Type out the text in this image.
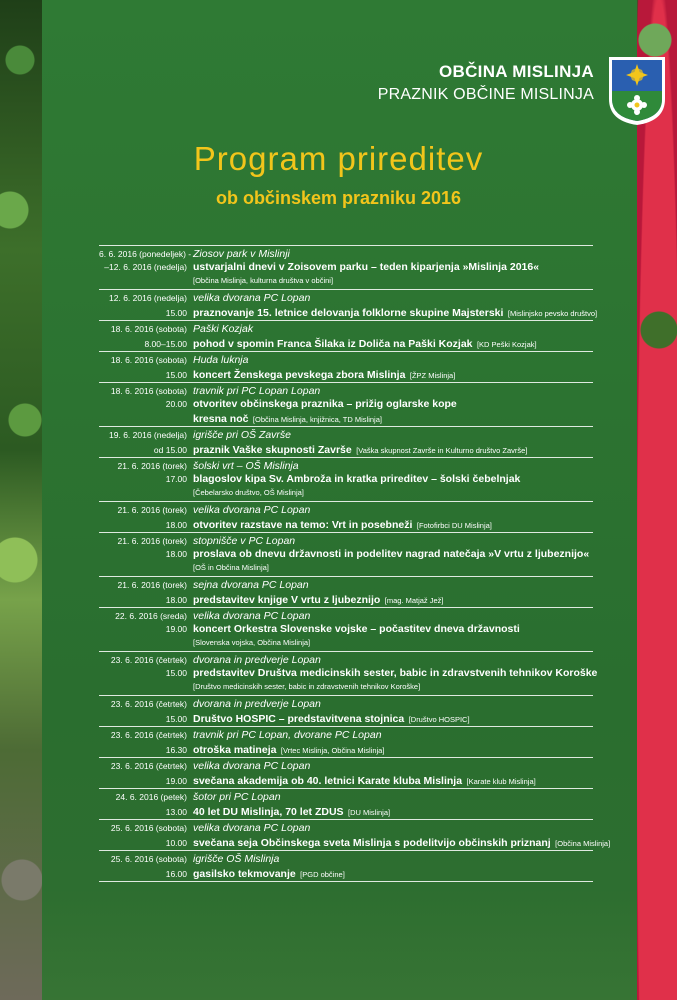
OBČINA MISLINJA
PRAZNIK OBČINE MISLINJA
Program prireditev
ob občinskem prazniku 2016
6. 6. 2016 (ponedeljek) - Ziosov park v Mislinji
–12. 6. 2016 (nedelja) ustvarjalni dnevi v Zoisovem parku – teden kiparjenja »Mislinja 2016«
[Občina Mislinja, kulturna društva v občini]
12. 6. 2016 (nedelja) velika dvorana PC Lopan
15.00 praznovanje 15. letnice delovanja folklorne skupine Majsterski [Mislinjsko pevsko društvo]
18. 6. 2016 (sobota) Paški Kozjak
8.00–15.00 pohod v spomin Franca Šilaka iz Doliča na Paški Kozjak [KD Peški Kozjak]
18. 6. 2016 (sobota) Huda luknja
15.00 koncert Ženskega pevskega zbora Mislinja [ŽPZ Mislinja]
18. 6. 2016 (sobota) travnik pri PC Lopan Lopan
20.00 otvoritev občinskega praznika – prižig oglarske kope
kresna noč [Občina Mislinja, knjižnica, TD Mislinja]
19. 6. 2016 (nedelja) igrišče pri OŠ Završe
od 15.00 praznik Vaške skupnosti Završe [Vaška skupnost Završe in Kulturno društvo Završe]
21. 6. 2016 (torek) šolski vrt – OŠ Mislinja
17.00 blagoslov kipa Sv. Ambroža in kratka prireditev – šolski čebelnjak
[Čebelarsko društvo, OŠ Mislinja]
21. 6. 2016 (torek) velika dvorana PC Lopan
18.00 otvoritev razstave na temo: Vrt in posebneži [Fotofirbci DU Mislinja]
21. 6. 2016 (torek) stopnišče v PC Lopan
18.00 proslava ob dnevu državnosti in podelitev nagrad natečaja »V vrtu z ljubeznijo«
[OŠ in Občina Mislinja]
21. 6. 2016 (torek) sejna dvorana PC Lopan
18.00 predstavitev knjige V vrtu z ljubeznijo [mag. Matjaž Jež]
22. 6. 2016 (sreda) velika dvorana PC Lopan
19.00 koncert Orkestra Slovenske vojske – počastitev dneva državnosti
[Slovenska vojska, Občina Mislinja]
23. 6. 2016 (četrtek) dvorana in predverje Lopan
15.00 predstavitev Društva medicinskih sester, babic in zdravstvenih tehnikov Koroške
[Društvo medicinskih sester, babic in zdravstvenih tehnikov Koroške]
23. 6. 2016 (četrtek) dvorana in predverje Lopan
15.00 Društvo HOSPIC – predstavitvena stojnica [Društvo HOSPIC]
23. 6. 2016 (četrtek) travnik pri PC Lopan, dvorane PC Lopan
16.30 otroška matineja [Vrtec Mislinja, Občina Mislinja]
23. 6. 2016 (četrtek) velika dvorana PC Lopan
19.00 svečana akademija ob 40. letnici Karate kluba Mislinja [Karate klub Mislinja]
24. 6. 2016 (petek) šotor pri PC Lopan
13.00 40 let DU Mislinja, 70 let ZDUS [DU Mislinja]
25. 6. 2016 (sobota) velika dvorana PC Lopan
10.00 svečana seja Občinskega sveta Mislinja s podelitvijo občinskih priznanj [Občina Mislinja]
25. 6. 2016 (sobota) igrišče OŠ Mislinja
16.00 gasilsko tekmovanje [PGD občine]
